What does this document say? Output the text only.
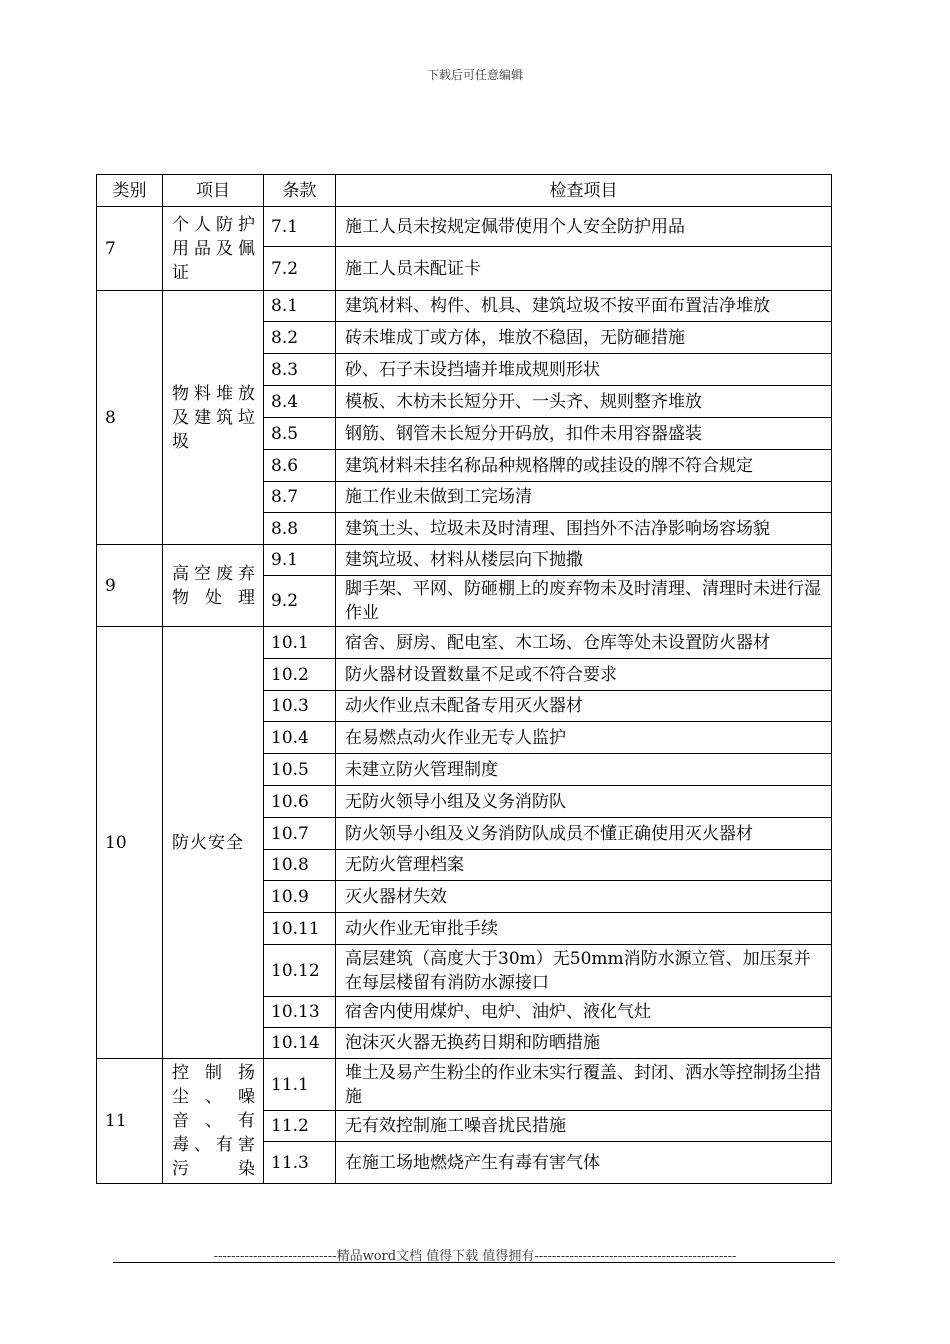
下载后可任意编辑
类别	项目	条款	检查项目
7	个人防护用品及佩证	7.1	施工人员未按规定佩带使用个人安全防护用品
		7.2	施工人员未配证卡
8	物料堆放及建筑垃圾	8.1	建筑材料、构件、机具、建筑垃圾不按平面布置洁净堆放
		8.2	砖未堆成丁或方体，堆放不稳固，无防砸措施
		8.3	砂、石子未设挡墙并堆成规则形状
		8.4	模板、木枋未长短分开、一头齐、规则整齐堆放
		8.5	钢筋、钢管未长短分开码放，扣件未用容器盛装
		8.6	建筑材料未挂名称品种规格牌的或挂设的牌不符合规定
		8.7	施工作业未做到工完场清
		8.8	建筑土头、垃圾未及时清理、围挡外不洁净影响场容场貌
9	高空废弃物处理	9.1	建筑垃圾、材料从楼层向下抛撒
		9.2	脚手架、平网、防砸棚上的废弃物未及时清理、清理时未进行湿作业
10	防火安全	10.1	宿舍、厨房、配电室、木工场、仓库等处未设置防火器材
		10.2	防火器材设置数量不足或不符合要求
		10.3	动火作业点未配备专用灭火器材
		10.4	在易燃点动火作业无专人监护
		10.5	未建立防火管理制度
		10.6	无防火领导小组及义务消防队
		10.7	防火领导小组及义务消防队成员不懂正确使用灭火器材
		10.8	无防火管理档案
		10.9	灭火器材失效
		10.11	动火作业无审批手续
		10.12	高层建筑（高度大于30m）无50mm消防水源立管、加压泵并在每层楼留有消防水源接口
		10.13	宿舍内使用煤炉、电炉、油炉、液化气灶
		10.14	泡沫灭火器无换药日期和防晒措施
11	控制扬尘、噪音、有毒、有害污染	11.1	堆土及易产生粉尘的作业未实行覆盖、封闭、洒水等控制扬尘措施
		11.2	无有效控制施工噪音扰民措施
		11.3	在施工场地燃烧产生有毒有害气体
----------------------------精品word文档 值得下载 值得拥有----------------------------------------------
